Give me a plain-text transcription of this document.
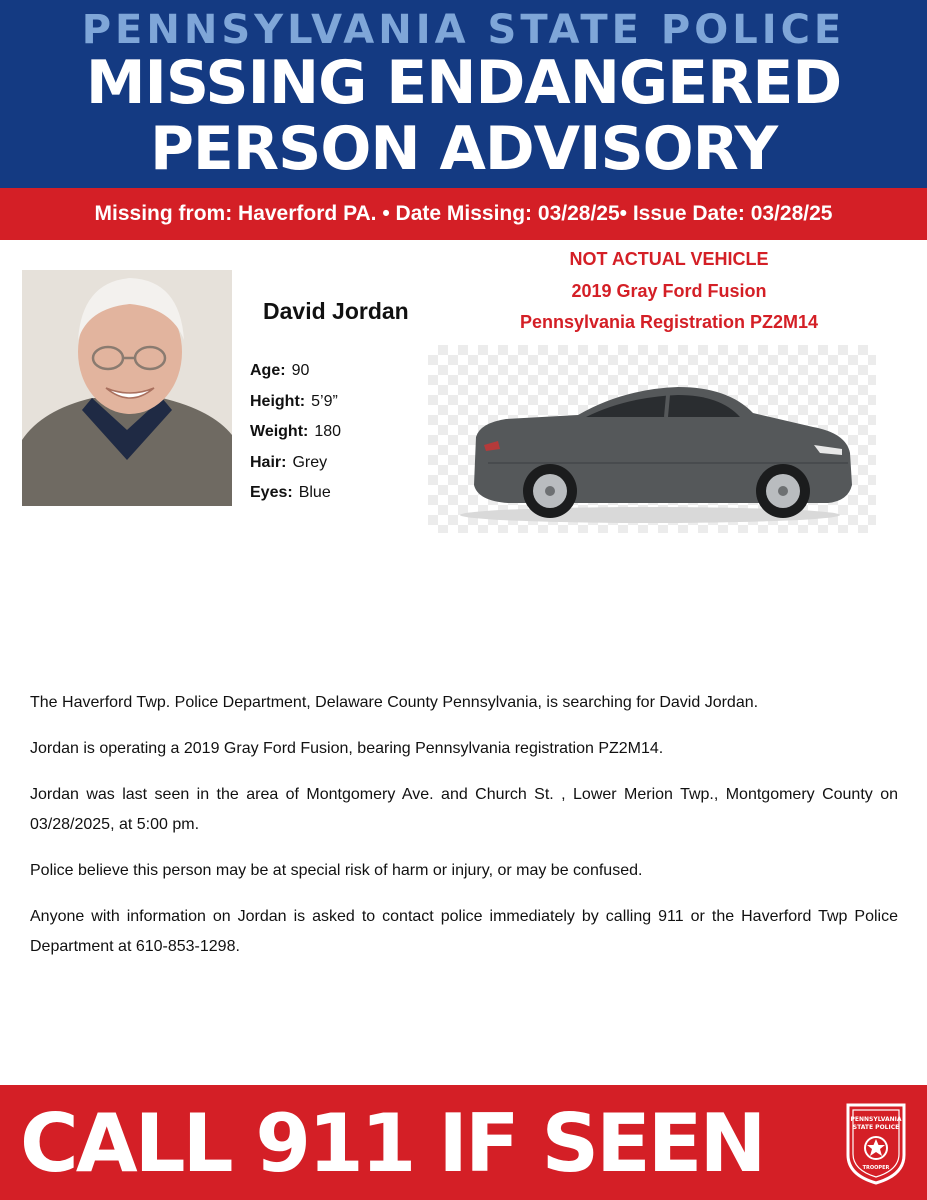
PENNSYLVANIA STATE POLICE
MISSING ENDANGERED
PERSON ADVISORY
Missing from: Haverford PA. • Date Missing: 03/28/25• Issue Date: 03/28/25
David Jordan
Age: 90
Height: 5’9”
Weight: 180
Hair: Grey
Eyes: Blue
NOT ACTUAL VEHICLE
2019 Gray Ford Fusion
Pennsylvania Registration PZ2M14

The Haverford Twp. Police Department, Delaware County Pennsylvania, is searching for David Jordan.

Jordan is operating a 2019 Gray Ford Fusion, bearing Pennsylvania registration PZ2M14.

Jordan was last seen in the area of Montgomery Ave. and Church St. , Lower Merion Twp., Montgomery County on 03/28/2025, at 5:00 pm.

Police believe this person may be at special risk of harm or injury, or may be confused.

Anyone with information on Jordan is asked to contact police immediately by calling 911 or the Haverford Twp Police Department at 610-853-1298.

CALL 911 IF SEEN	PENNSYLVANIA
STATE POLICE
TROOPER
